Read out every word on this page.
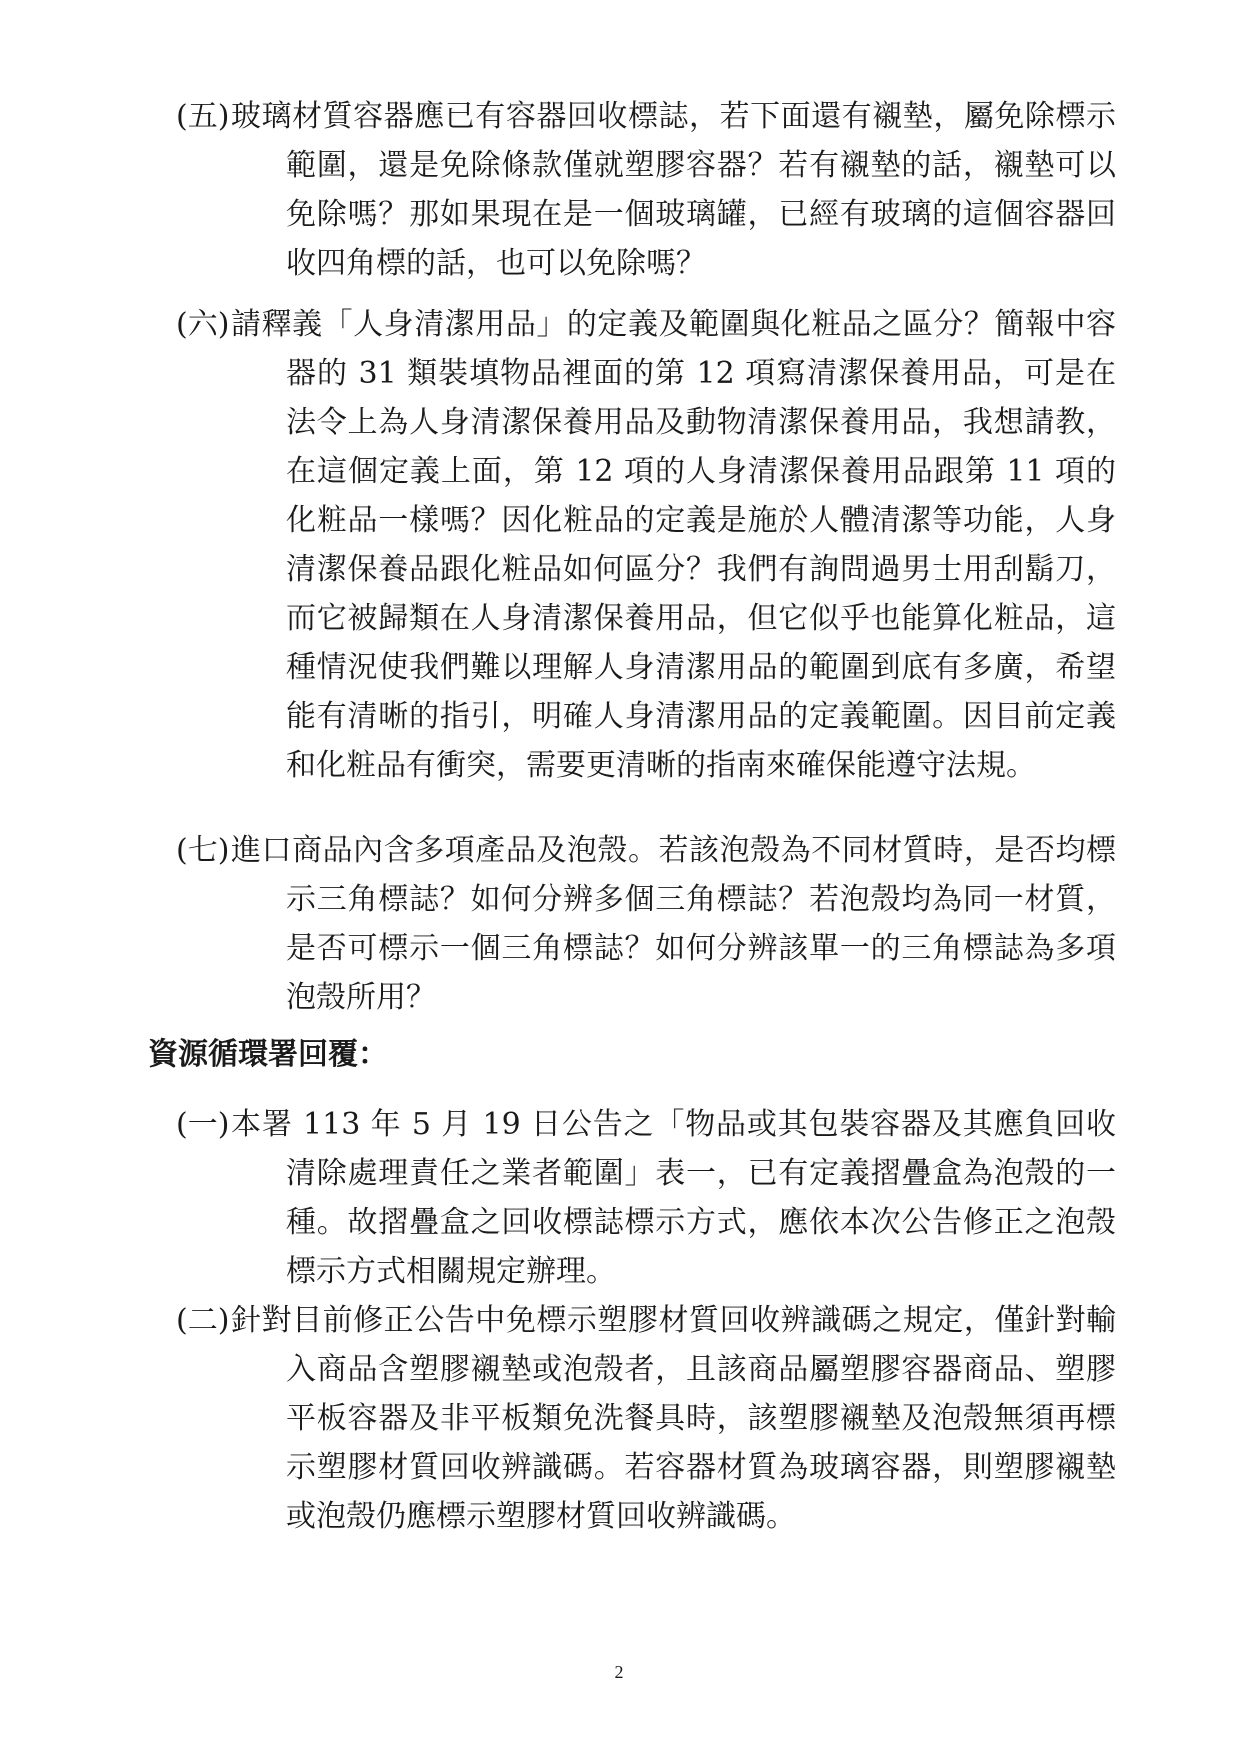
(五) 玻璃材質容器應已有容器回收標誌，若下面還有襯墊，屬免除標示範圍，還是免除條款僅就塑膠容器？若有襯墊的話，襯墊可以免除嗎？那如果現在是一個玻璃罐，已經有玻璃的這個容器回收四角標的話，也可以免除嗎？
(六) 請釋義「人身清潔用品」的定義及範圍與化粧品之區分？簡報中容器的 31 類裝填物品裡面的第 12 項寫清潔保養用品，可是在法令上為人身清潔保養用品及動物清潔保養用品，我想請教，在這個定義上面，第 12 項的人身清潔保養用品跟第 11 項的化粧品一樣嗎？因化粧品的定義是施於人體清潔等功能，人身清潔保養品跟化粧品如何區分？我們有詢問過男士用刮鬍刀，而它被歸類在人身清潔保養用品，但它似乎也能算化粧品，這種情況使我們難以理解人身清潔用品的範圍到底有多廣，希望能有清晰的指引，明確人身清潔用品的定義範圍。因目前定義和化粧品有衝突，需要更清晰的指南來確保能遵守法規。
(七) 進口商品內含多項產品及泡殼。若該泡殼為不同材質時，是否均標示三角標誌？如何分辨多個三角標誌？若泡殼均為同一材質，是否可標示一個三角標誌？如何分辨該單一的三角標誌為多項泡殼所用？
資源循環署回覆：
(一) 本署 113 年 5 月 19 日公告之「物品或其包裝容器及其應負回收清除處理責任之業者範圍」表一，已有定義摺疊盒為泡殼的一種。故摺疊盒之回收標誌標示方式，應依本次公告修正之泡殼標示方式相關規定辦理。
(二) 針對目前修正公告中免標示塑膠材質回收辨識碼之規定，僅針對輸入商品含塑膠襯墊或泡殼者，且該商品屬塑膠容器商品、塑膠平板容器及非平板類免洗餐具時，該塑膠襯墊及泡殼無須再標示塑膠材質回收辨識碼。若容器材質為玻璃容器，則塑膠襯墊或泡殼仍應標示塑膠材質回收辨識碼。
2
